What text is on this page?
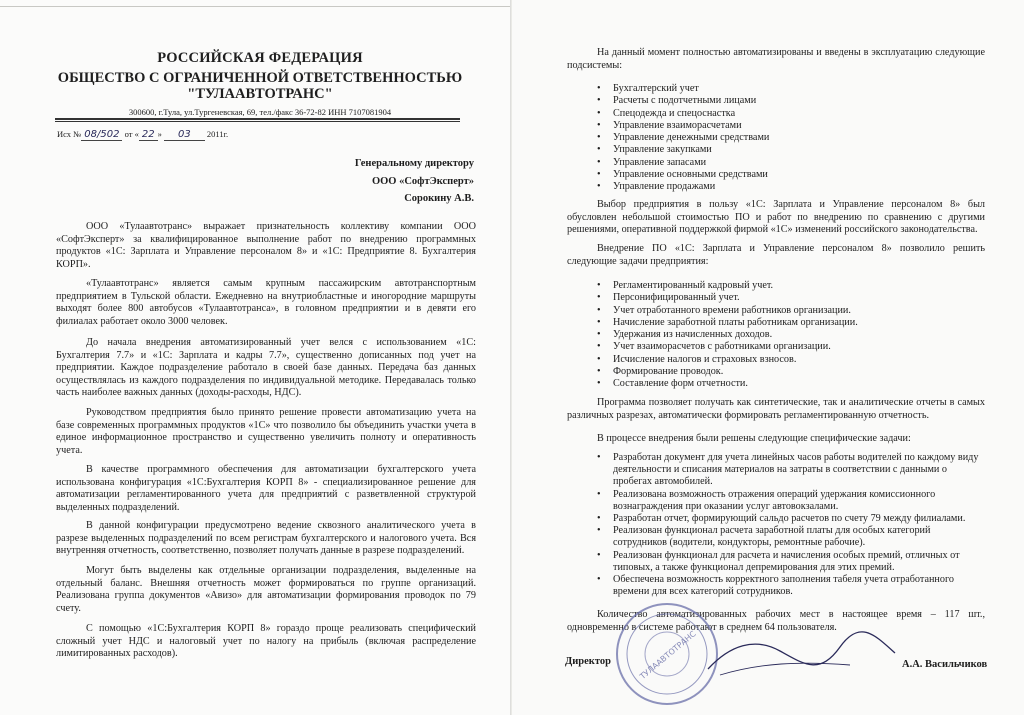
РОССИЙСКАЯ ФЕДЕРАЦИЯ
ОБЩЕСТВО С ОГРАНИЧЕННОЙ ОТВЕТСТВЕННОСТЬЮ
"ТУЛААВТОТРАНС"
300600, г.Тула, ул.Тургеневская, 69, тел./факс 36-72-82 ИНН 7107081904
Исх № 08/502 от « 22 » 03 2011г.
Генеральному директору
ООО «СофтЭксперт»
Сорокину А.В.

ООО «Тулаавтотранс» выражает признательность коллективу компании ООО «СофтЭксперт» за квалифицированное выполнение работ по внедрению программных продуктов «1С: Зарплата и Управление персоналом 8» и «1С: Предприятие 8. Бухгалтерия КОРП».

«Тулаавтотранс» является самым крупным пассажирским автотранспортным предприятием в Тульской области. Ежедневно на внутриобластные и иногородние маршруты выходят более 800 автобусов «Тулаавтотранса», в головном предприятии и в девяти его филиалах работает около 3000 человек.

До начала внедрения автоматизированный учет велся с использованием «1С: Бухгалтерия 7.7» и «1С: Зарплата и кадры 7.7», существенно дописанных под учет на предприятии. Каждое подразделение работало в своей базе данных. Передача баз данных осуществлялась из каждого подразделения по индивидуальной методике. Передавалась только часть наиболее важных данных (доходы-расходы, НДС).

Руководством предприятия было принято решение провести автоматизацию учета на базе современных программных продуктов «1С» что позволило бы объединить участки учета в единое информационное пространство и существенно увеличить полноту и оперативность учета.

В качестве программного обеспечения для автоматизации бухгалтерского учета использована конфигурация «1С:Бухгалтерия КОРП 8» - специализированное решение для автоматизации регламентированного учета для предприятий с разветвленной структурой выделенных подразделений.

В данной конфигурации предусмотрено ведение сквозного аналитического учета в разрезе выделенных подразделений по всем регистрам бухгалтерского и налогового учета. Вся внутренняя отчетность, соответственно, позволяет получать данные в разрезе подразделений.

Могут быть выделены как отдельные организации подразделения, выделенные на отдельный баланс. Внешняя отчетность может формироваться по группе организаций. Реализована группа документов «Авизо» для автоматизации формирования проводок по 79 счету.

С помощью «1С:Бухгалтерия КОРП 8» гораздо проще реализовать специфический сложный учет НДС и налоговый учет по налогу на прибыль (включая распределение лимитированных расходов).

На данный момент полностью автоматизированы и введены в эксплуатацию следующие подсистемы:

• Бухгалтерский учет
• Расчеты с подотчетными лицами
• Спецодежда и спецоснастка
• Управление взаиморасчетами
• Управление денежными средствами
• Управление закупками
• Управление запасами
• Управление основными средствами
• Управление продажами

Выбор предприятия в пользу «1С: Зарплата и Управление персоналом 8» был обусловлен небольшой стоимостью ПО и работ по внедрению по сравнению с другими решениями, оперативной поддержкой фирмой «1С» изменений российского законодательства.

Внедрение ПО «1С: Зарплата и Управление персоналом 8» позволило решить следующие задачи предприятия:

• Регламентированный кадровый учет.
• Персонифицированный учет.
• Учет отработанного времени работников организации.
• Начисление заработной платы работникам организации.
• Удержания из начисленных доходов.
• Учет взаиморасчетов с работниками организации.
• Исчисление налогов и страховых взносов.
• Формирование проводок.
• Составление форм отчетности.

Программа позволяет получать как синтетические, так и аналитические отчеты в самых различных разрезах, автоматически формировать регламентированную отчетность.

В процессе внедрения были решены следующие специфические задачи:

• Разработан документ для учета линейных часов работы водителей по каждому виду деятельности и списания материалов на затраты в соответствии с данными о пробегах автомобилей.
• Реализована возможность отражения операций удержания комиссионного вознаграждения при оказании услуг автовокзалами.
• Разработан отчет, формирующий сальдо расчетов по счету 79 между филиалами.
• Реализован функционал расчета заработной платы для особых категорий сотрудников (водители, кондукторы, ремонтные рабочие).
• Реализован функционал для расчета и начисления особых премий, отличных от типовых, а также функционал депремирования для этих премий.
• Обеспечена возможность корректного заполнения табеля учета отработанного времени для всех категорий сотрудников.

Количество автоматизированных рабочих мест в настоящее время – 117 шт., одновременно в системе работают в среднем 64 пользователя.

ТУЛААВТОТРАНС
Директор	А.А. Васильчиков
